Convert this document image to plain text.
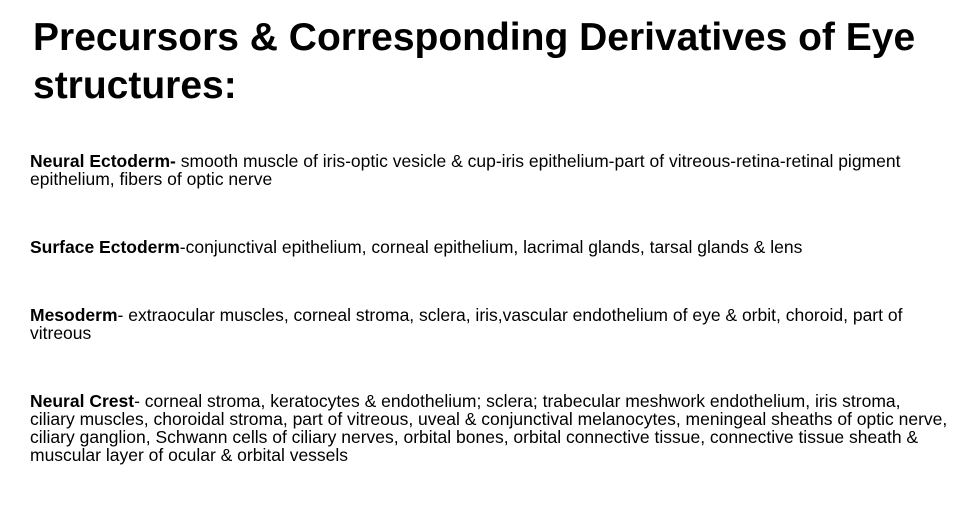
Precursors & Corresponding Derivatives of Eye structures:

Neural Ectoderm- smooth muscle of iris-optic vesicle & cup-iris epithelium-part of vitreous-retina-retinal pigment epithelium, fibers of optic nerve

Surface Ectoderm-conjunctival epithelium, corneal epithelium, lacrimal glands, tarsal glands & lens

Mesoderm- extraocular muscles, corneal stroma, sclera, iris,vascular endothelium of eye & orbit, choroid, part of vitreous

Neural Crest- corneal stroma, keratocytes & endothelium; sclera; trabecular meshwork endothelium, iris stroma, ciliary muscles, choroidal stroma, part of vitreous, uveal & conjunctival melanocytes, meningeal sheaths of optic nerve, ciliary ganglion, Schwann cells of ciliary nerves, orbital bones, orbital connective tissue, connective tissue sheath & muscular layer of ocular & orbital vessels
